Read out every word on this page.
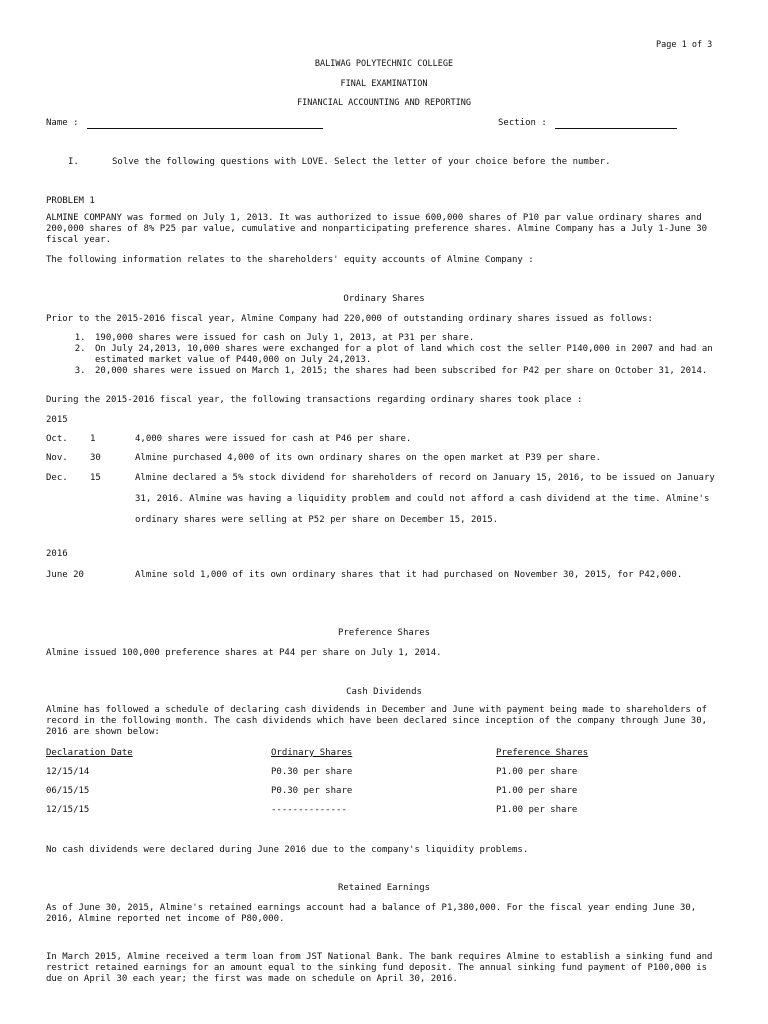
Page 1 of 3
BALIWAG POLYTECHNIC COLLEGE
FINAL EXAMINATION
FINANCIAL ACCOUNTING AND REPORTING
Name :	Section :
I.	Solve the following questions with LOVE. Select the letter of your choice before the number.
PROBLEM 1
ALMINE COMPANY was formed on July 1, 2013. It was authorized to issue 600,000 shares of P10 par value ordinary shares and 200,000 shares of 8% P25 par value, cumulative and nonparticipating preference shares. Almine Company has a July 1-June 30 fiscal year.
The following information relates to the shareholders' equity accounts of Almine Company :
Ordinary Shares
Prior to the 2015-2016 fiscal year, Almine Company had 220,000 of outstanding ordinary shares issued as follows:
1. 190,000 shares were issued for cash on July 1, 2013, at P31 per share.
2. On July 24,2013, 10,000 shares were exchanged for a plot of land which cost the seller P140,000 in 2007 and had an estimated market value of P440,000 on July 24,2013.
3. 20,000 shares were issued on March 1, 2015; the shares had been subscribed for P42 per share on October 31, 2014.
During the 2015-2016 fiscal year, the following transactions regarding ordinary shares took place :
2015
Oct. 1	4,000 shares were issued for cash at P46 per share.
Nov. 30	Almine purchased 4,000 of its own ordinary shares on the open market at P39 per share.
Dec. 15	Almine declared a 5% stock dividend for shareholders of record on January 15, 2016, to be issued on January 31, 2016. Almine was having a liquidity problem and could not afford a cash dividend at the time. Almine's ordinary shares were selling at P52 per share on December 15, 2015.
2016
June 20	Almine sold 1,000 of its own ordinary shares that it had purchased on November 30, 2015, for P42,000.
Preference Shares
Almine issued 100,000 preference shares at P44 per share on July 1, 2014.
Cash Dividends
Almine has followed a schedule of declaring cash dividends in December and June with payment being made to shareholders of record in the following month. The cash dividends which have been declared since inception of the company through June 30, 2016 are shown below:
Declaration Date	Ordinary Shares	Preference Shares
12/15/14	P0.30 per share	P1.00 per share
06/15/15	P0.30 per share	P1.00 per share
12/15/15	--------------	P1.00 per share
No cash dividends were declared during June 2016 due to the company's liquidity problems.
Retained Earnings
As of June 30, 2015, Almine's retained earnings account had a balance of P1,380,000. For the fiscal year ending June 30, 2016, Almine reported net income of P80,000.
In March 2015, Almine received a term loan from JST National Bank. The bank requires Almine to establish a sinking fund and restrict retained earnings for an amount equal to the sinking fund deposit. The annual sinking fund payment of P100,000 is due on April 30 each year; the first was made on schedule on April 30, 2016.
